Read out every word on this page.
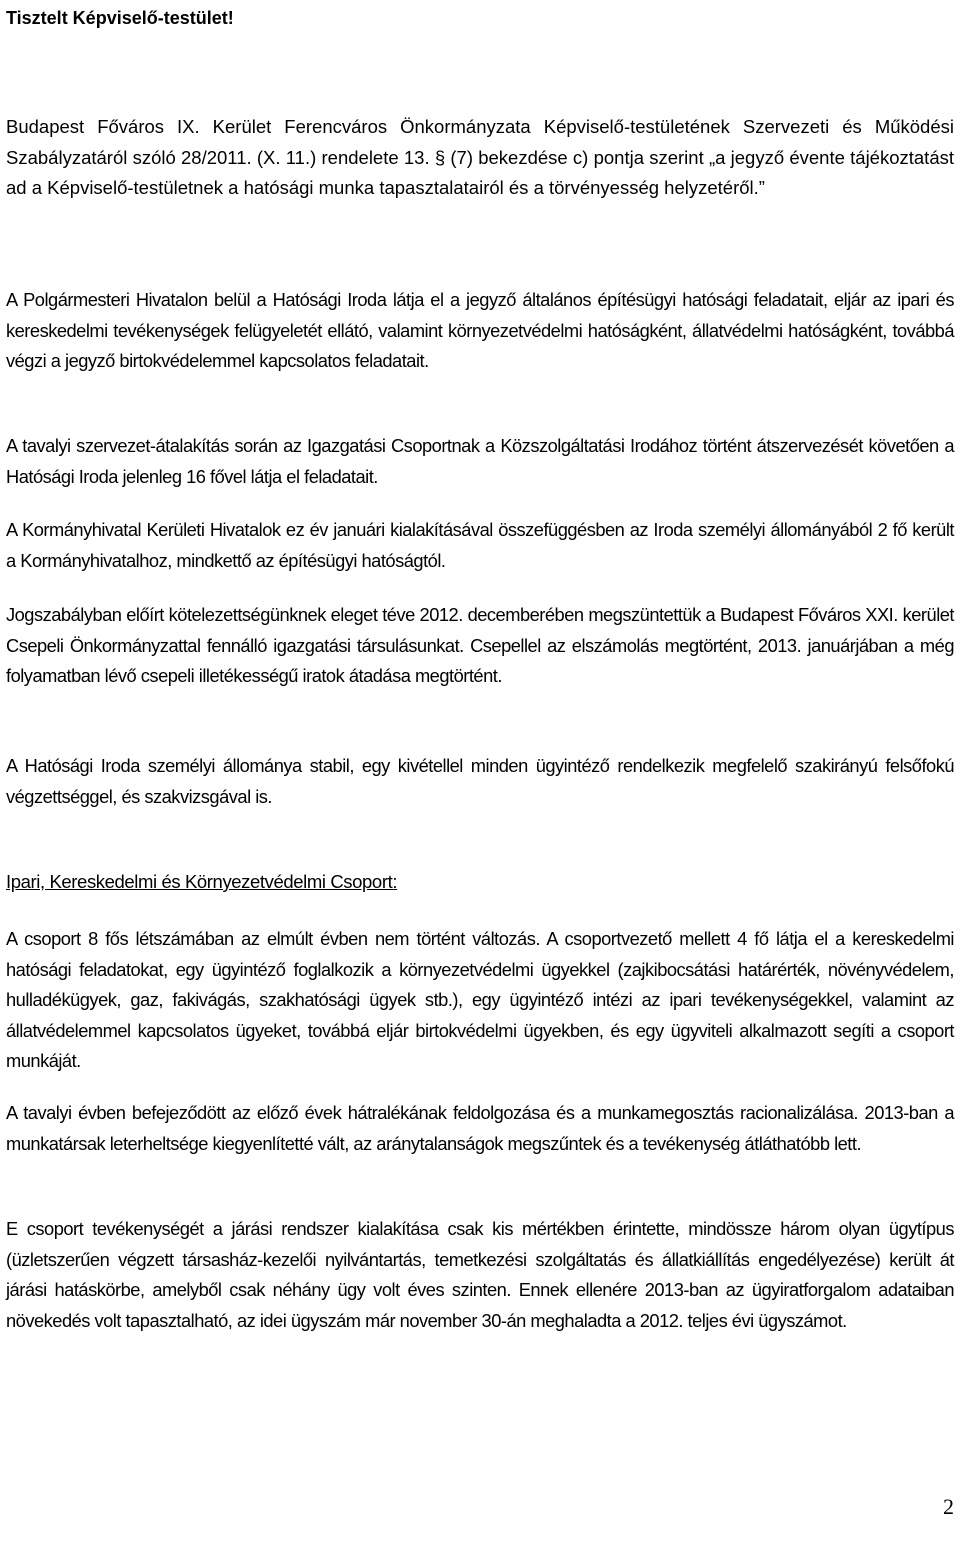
Tisztelt Képviselő-testület!

Budapest Főváros IX. Kerület Ferencváros Önkormányzata Képviselő-testületének Szervezeti és Működési Szabályzatáról szóló 28/2011. (X. 11.) rendelete 13. § (7) bekezdése c) pontja szerint „a jegyző évente tájékoztatást ad a Képviselő-testületnek a hatósági munka tapasztalatairól és a törvényesség helyzetéről.”

A Polgármesteri Hivatalon belül a Hatósági Iroda látja el a jegyző általános építésügyi hatósági feladatait, eljár az ipari és kereskedelmi tevékenységek felügyeletét ellátó, valamint környezetvédelmi hatóságként, állatvédelmi hatóságként, továbbá végzi a jegyző birtokvédelemmel kapcsolatos feladatait.

A tavalyi szervezet-átalakítás során az Igazgatási Csoportnak a Közszolgáltatási Irodához történt átszervezését követően a Hatósági Iroda jelenleg 16 fővel látja el feladatait.

A Kormányhivatal Kerületi Hivatalok ez év januári kialakításával összefüggésben az Iroda személyi állományából 2 fő került a Kormányhivatalhoz, mindkettő az építésügyi hatóságtól.

Jogszabályban előírt kötelezettségünknek eleget téve 2012. decemberében megszüntettük a Budapest Főváros XXI. kerület Csepeli Önkormányzattal fennálló igazgatási társulásunkat. Csepellel az elszámolás megtörtént, 2013. januárjában a még folyamatban lévő csepeli illetékességű iratok átadása megtörtént.

A Hatósági Iroda személyi állománya stabil, egy kivétellel minden ügyintéző rendelkezik megfelelő szakirányú felsőfokú végzettséggel, és szakvizsgával is.

Ipari, Kereskedelmi és Környezetvédelmi Csoport:

A csoport 8 fős létszámában az elmúlt évben nem történt változás. A csoportvezető mellett 4 fő látja el a kereskedelmi hatósági feladatokat, egy ügyintéző foglalkozik a környezetvédelmi ügyekkel (zajkibocsátási határérték, növényvédelem, hulladékügyek, gaz, fakivágás, szakhatósági ügyek stb.), egy ügyintéző intézi az ipari tevékenységekkel, valamint az állatvédelemmel kapcsolatos ügyeket, továbbá eljár birtokvédelmi ügyekben, és egy ügyviteli alkalmazott segíti a csoport munkáját.

A tavalyi évben befejeződött az előző évek hátralékának feldolgozása és a munkamegosztás racionalizálása. 2013-ban a munkatársak leterheltsége kiegyenlítetté vált, az aránytalanságok megszűntek és a tevékenység átláthatóbb lett.

E csoport tevékenységét a járási rendszer kialakítása csak kis mértékben érintette, mindössze három olyan ügytípus (üzletszerűen végzett társasház-kezelői nyilvántartás, temetkezési szolgáltatás és állatkiállítás engedélyezése) került át járási hatáskörbe, amelyből csak néhány ügy volt éves szinten. Ennek ellenére 2013-ban az ügyiratforgalom adataiban növekedés volt tapasztalható, az idei ügyszám már november 30-án meghaladta a 2012. teljes évi ügyszámot.

2
